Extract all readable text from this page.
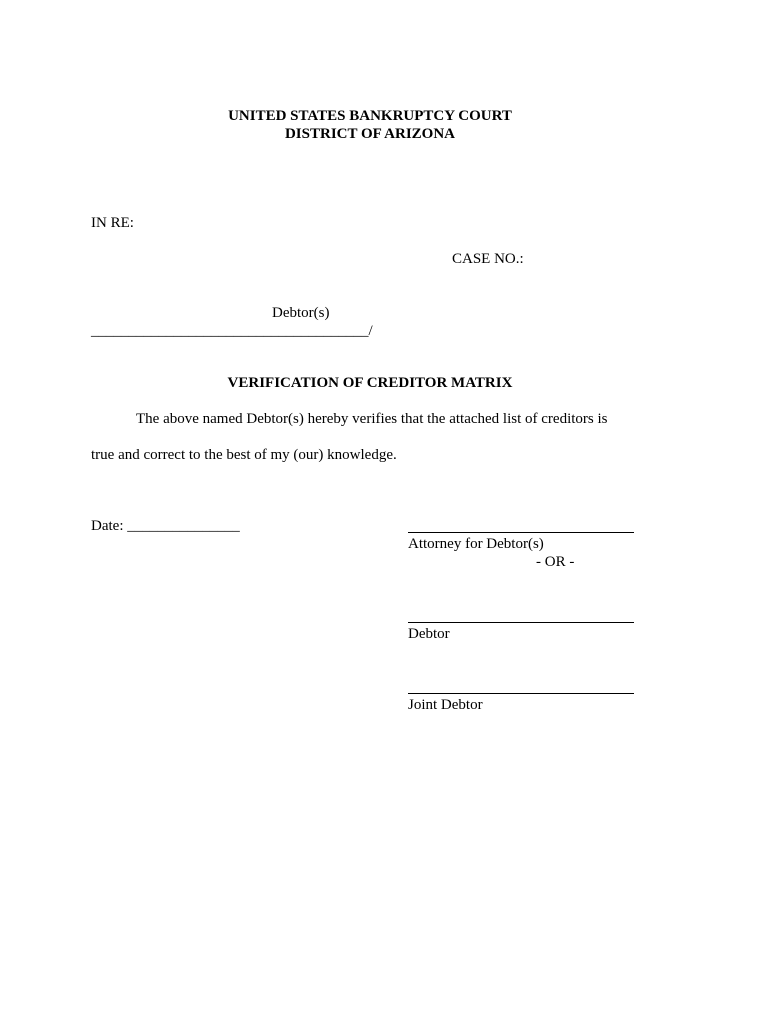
UNITED STATES BANKRUPTCY COURT
DISTRICT OF ARIZONA
IN RE:
CASE NO.:
Debtor(s)
_____________________________________/
VERIFICATION OF CREDITOR MATRIX
The above named Debtor(s) hereby verifies that the attached list of creditors is
true and correct to the best of my (our) knowledge.
Date: _______________
Attorney for Debtor(s)
- OR -
Debtor
Joint Debtor
